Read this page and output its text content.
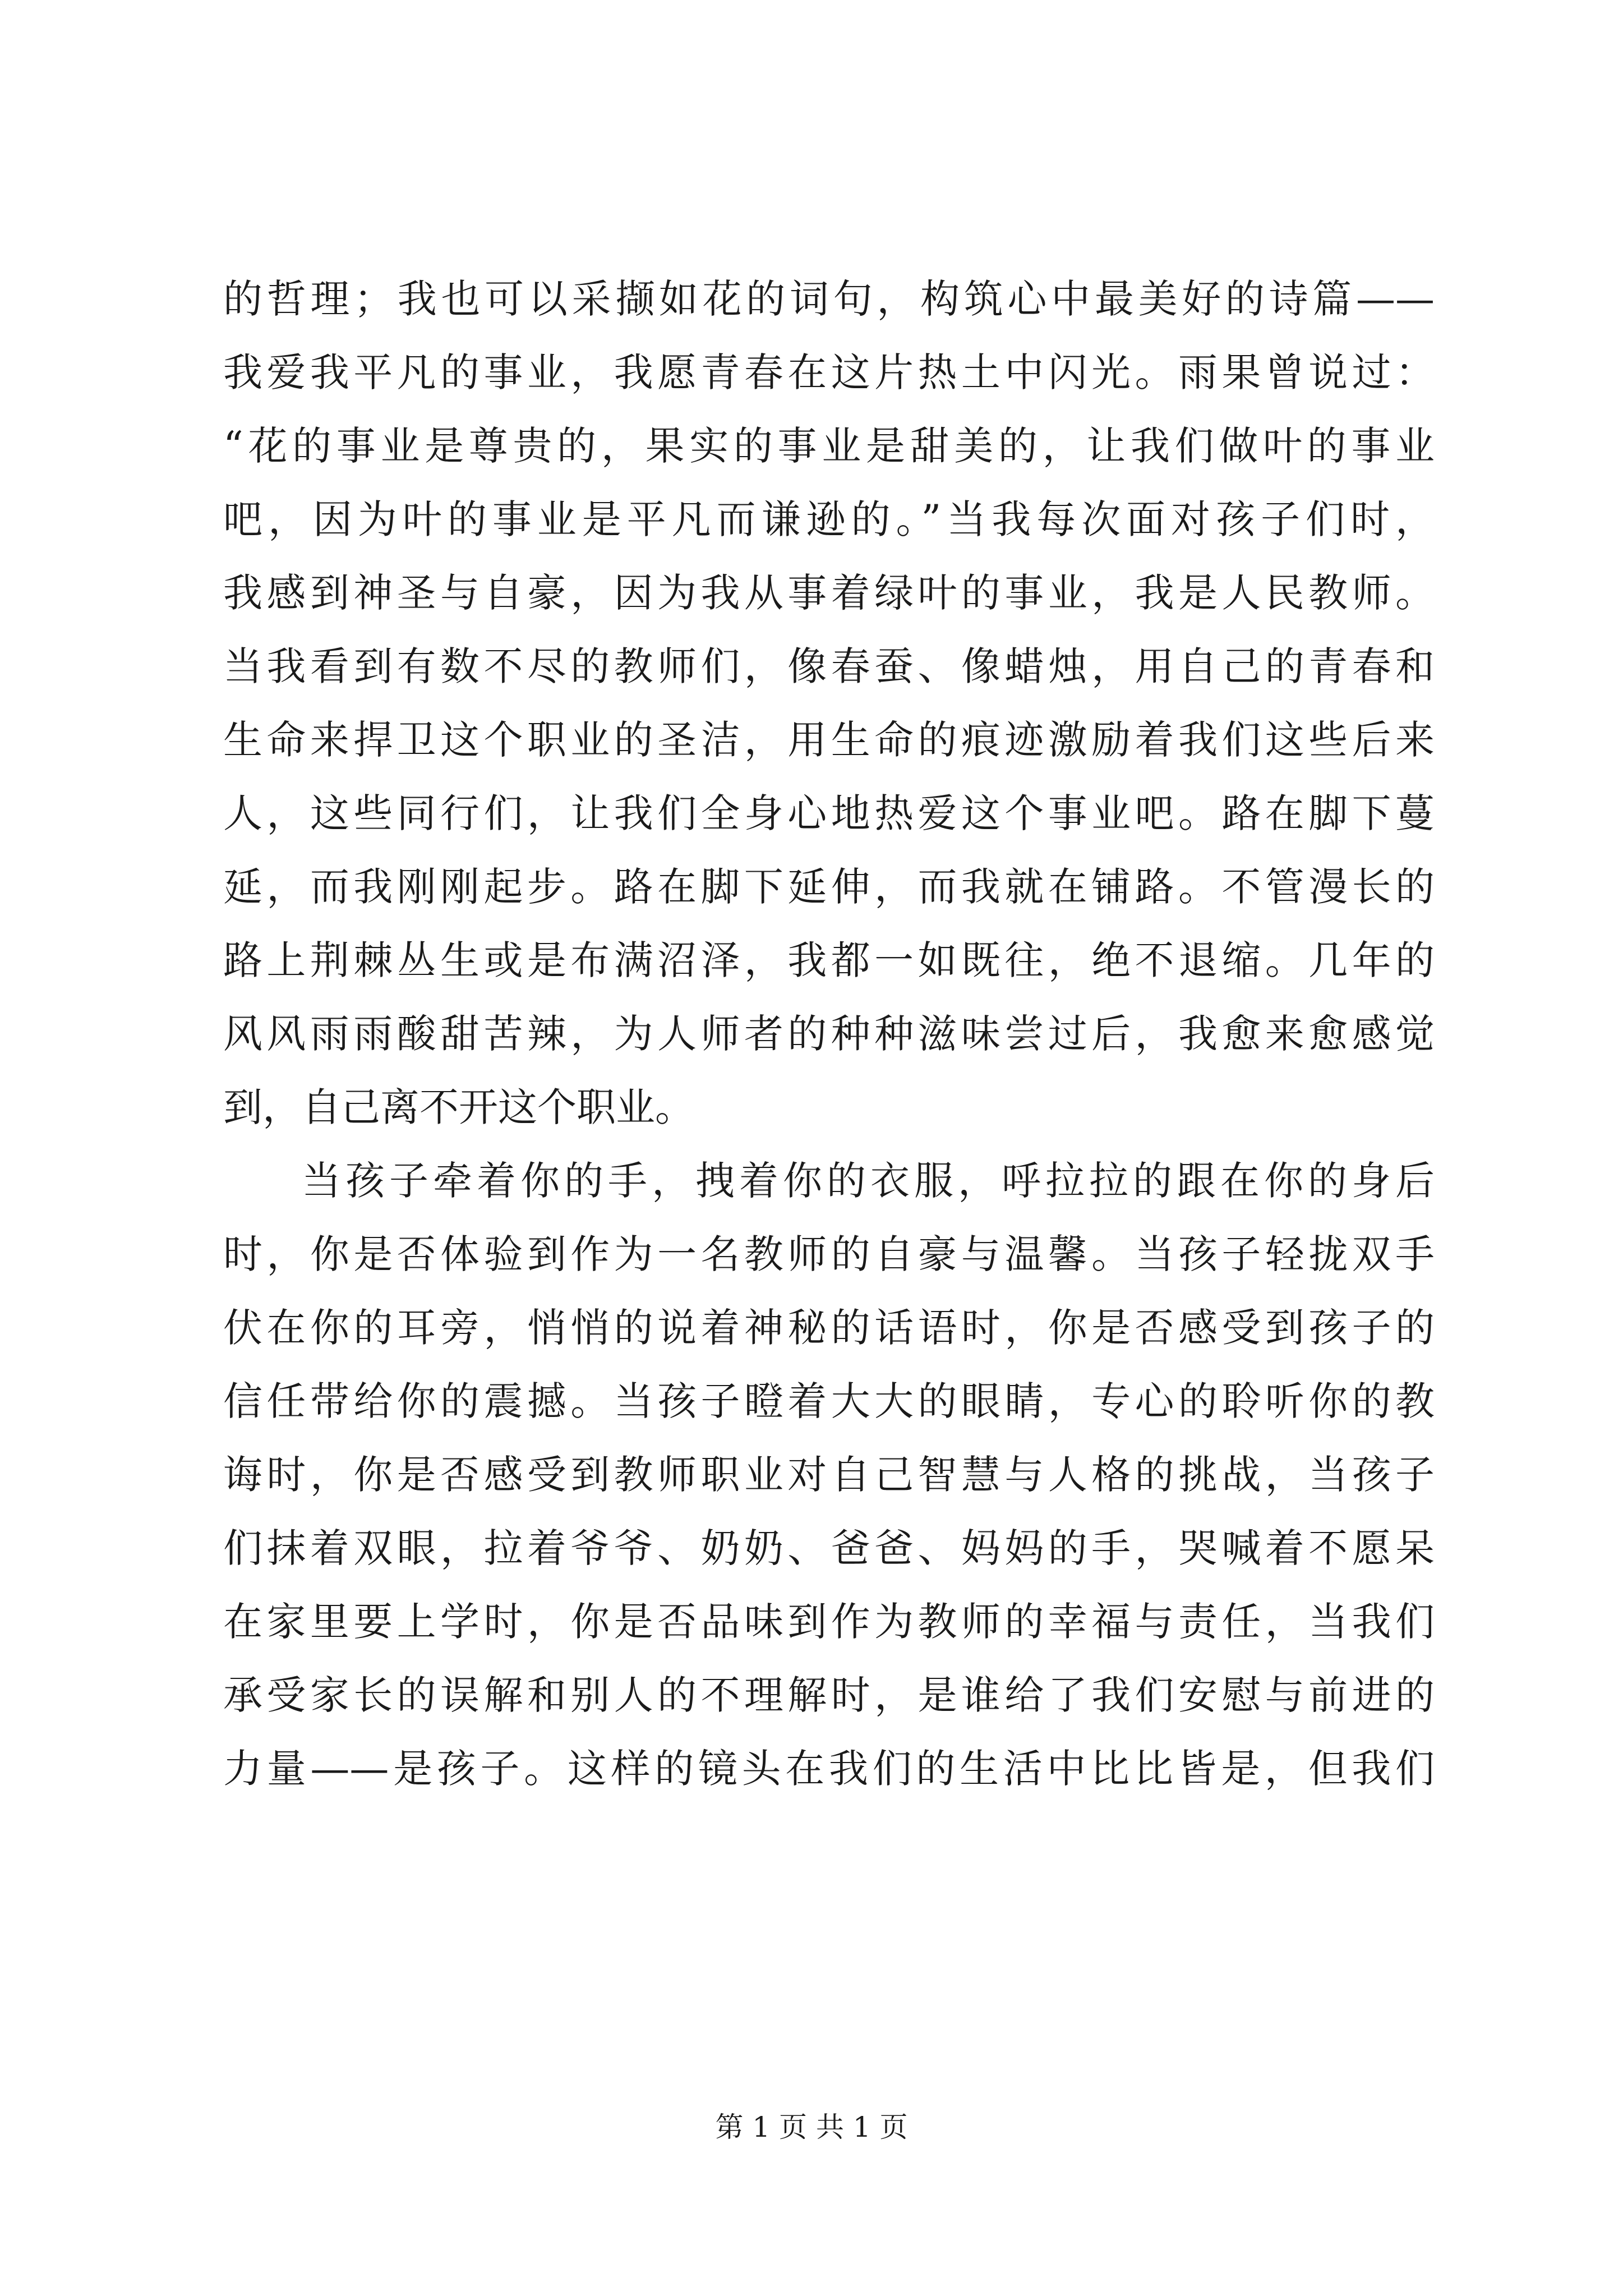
的哲理；我也可以采撷如花的词句，构筑心中最美好的诗篇——
我爱我平凡的事业，我愿青春在这片热土中闪光。雨果曾说过：
“花的事业是尊贵的，果实的事业是甜美的，让我们做叶的事业
吧，因为叶的事业是平凡而谦逊的。”当我每次面对孩子们时，
我感到神圣与自豪，因为我从事着绿叶的事业，我是人民教师。
当我看到有数不尽的教师们，像春蚕、像蜡烛，用自己的青春和
生命来捍卫这个职业的圣洁，用生命的痕迹激励着我们这些后来
人，这些同行们，让我们全身心地热爱这个事业吧。路在脚下蔓
延，而我刚刚起步。路在脚下延伸，而我就在铺路。不管漫长的
路上荆棘丛生或是布满沼泽，我都一如既往，绝不退缩。几年的
风风雨雨酸甜苦辣，为人师者的种种滋味尝过后，我愈来愈感觉
到，自己离不开这个职业。
当孩子牵着你的手，拽着你的衣服，呼拉拉的跟在你的身后
时，你是否体验到作为一名教师的自豪与温馨。当孩子轻拢双手
伏在你的耳旁，悄悄的说着神秘的话语时，你是否感受到孩子的
信任带给你的震撼。当孩子瞪着大大的眼睛，专心的聆听你的教
诲时，你是否感受到教师职业对自己智慧与人格的挑战，当孩子
们抹着双眼，拉着爷爷、奶奶、爸爸、妈妈的手，哭喊着不愿呆
在家里要上学时，你是否品味到作为教师的幸福与责任，当我们
承受家长的误解和别人的不理解时，是谁给了我们安慰与前进的
力量——是孩子。这样的镜头在我们的生活中比比皆是，但我们
第 1 页 共 1 页
